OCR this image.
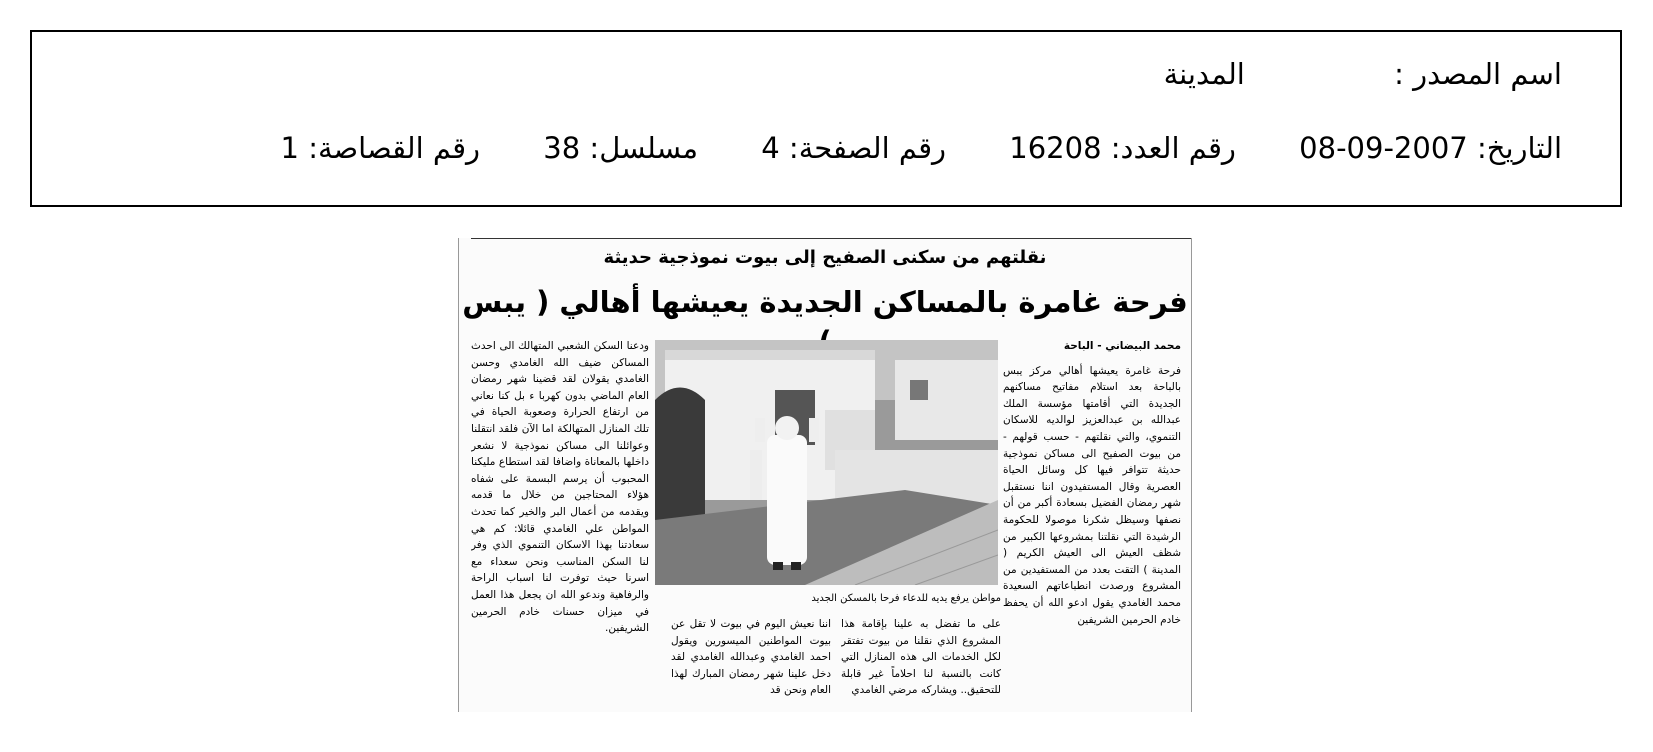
اسم المصدر : المدينة
التاريخ: 2007-09-08 رقم العدد: 16208 رقم الصفحة: 4 مسلسل: 38 رقم القصاصة: 1
نقلتهم من سكنى الصفيح إلى بيوت نموذجية حديثة
فرحة غامرة بالمساكن الجديدة يعيشها أهالي ( يبس
محمد البيضاني - الباحة
فرحة غامرة يعيشها أهالي مركز يبس بالباحة بعد استلام مفاتيح مساكنهم الجديدة التي أقامتها مؤسسة الملك عبدالله بن عبدالعزيز لوالديه للاسكان التنموي، والتي نقلتهم - حسب قولهم - من بيوت الصفيح الى مساكن نموذجية حديثة تتوافر فيها كل وسائل الحياة العصرية وقال المستفيدون اننا نستقبل شهر رمضان الفضيل بسعادة أكبر من أن نصفها وسيظل شكرنا موصولا للحكومة الرشيدة التي نقلتنا بمشروعها الكبير من شظف العيش الى العيش الكريم ( المدينة ) التقت بعدد من المستفيدين من المشروع ورصدت انطباعاتهم السعيدة محمد الغامدي يقول ادعو الله أن يحفظ خادم الحرمين الشريفين
مواطن يرفع يديه للدعاء فرحا بالمسكن الجديد
على ما تفضل به علينا بإقامة هذا المشروع الذي نقلنا من بيوت تفتقر لكل الخدمات الى هذه المنازل التي كانت بالنسبة لنا احلاماً غير قابلة للتحقيق.. ويشاركه مرضي الغامدي
اننا نعيش اليوم في بيوت لا تقل عن بيوت المواطنين الميسورين ويقول احمد الغامدي وعبدالله الغامدي لقد دخل علينا شهر رمضان المبارك لهذا العام ونحن قد
ودعنا السكن الشعبي المتهالك الى احدث المساكن ضيف الله الغامدي وحسن الغامدي يقولان لقد قضينا شهر رمضان العام الماضي بدون كهربا ء بل كنا نعاني من ارتفاع الحرارة وصعوبة الحياة في تلك المنازل المتهالكة اما الآن فلقد انتقلنا وعوائلنا الى مساكن نموذجية لا نشعر داخلها بالمعاناة واضافا لقد استطاع مليكنا المحبوب أن يرسم البسمة على شفاه هؤلاء المحتاجين من خلال ما قدمه ويقدمه من أعمال البر والخير كما تحدث المواطن علي الغامدي قائلا: كم هي سعادتنا بهذا الاسكان التنموي الذي وفر لنا السكن المناسب ونحن سعداء مع اسرنا حيث توفرت لنا اسباب الراحة والرفاهية وندعو الله ان يجعل هذا العمل في ميزان حسنات خادم الحرمين الشريفين.
